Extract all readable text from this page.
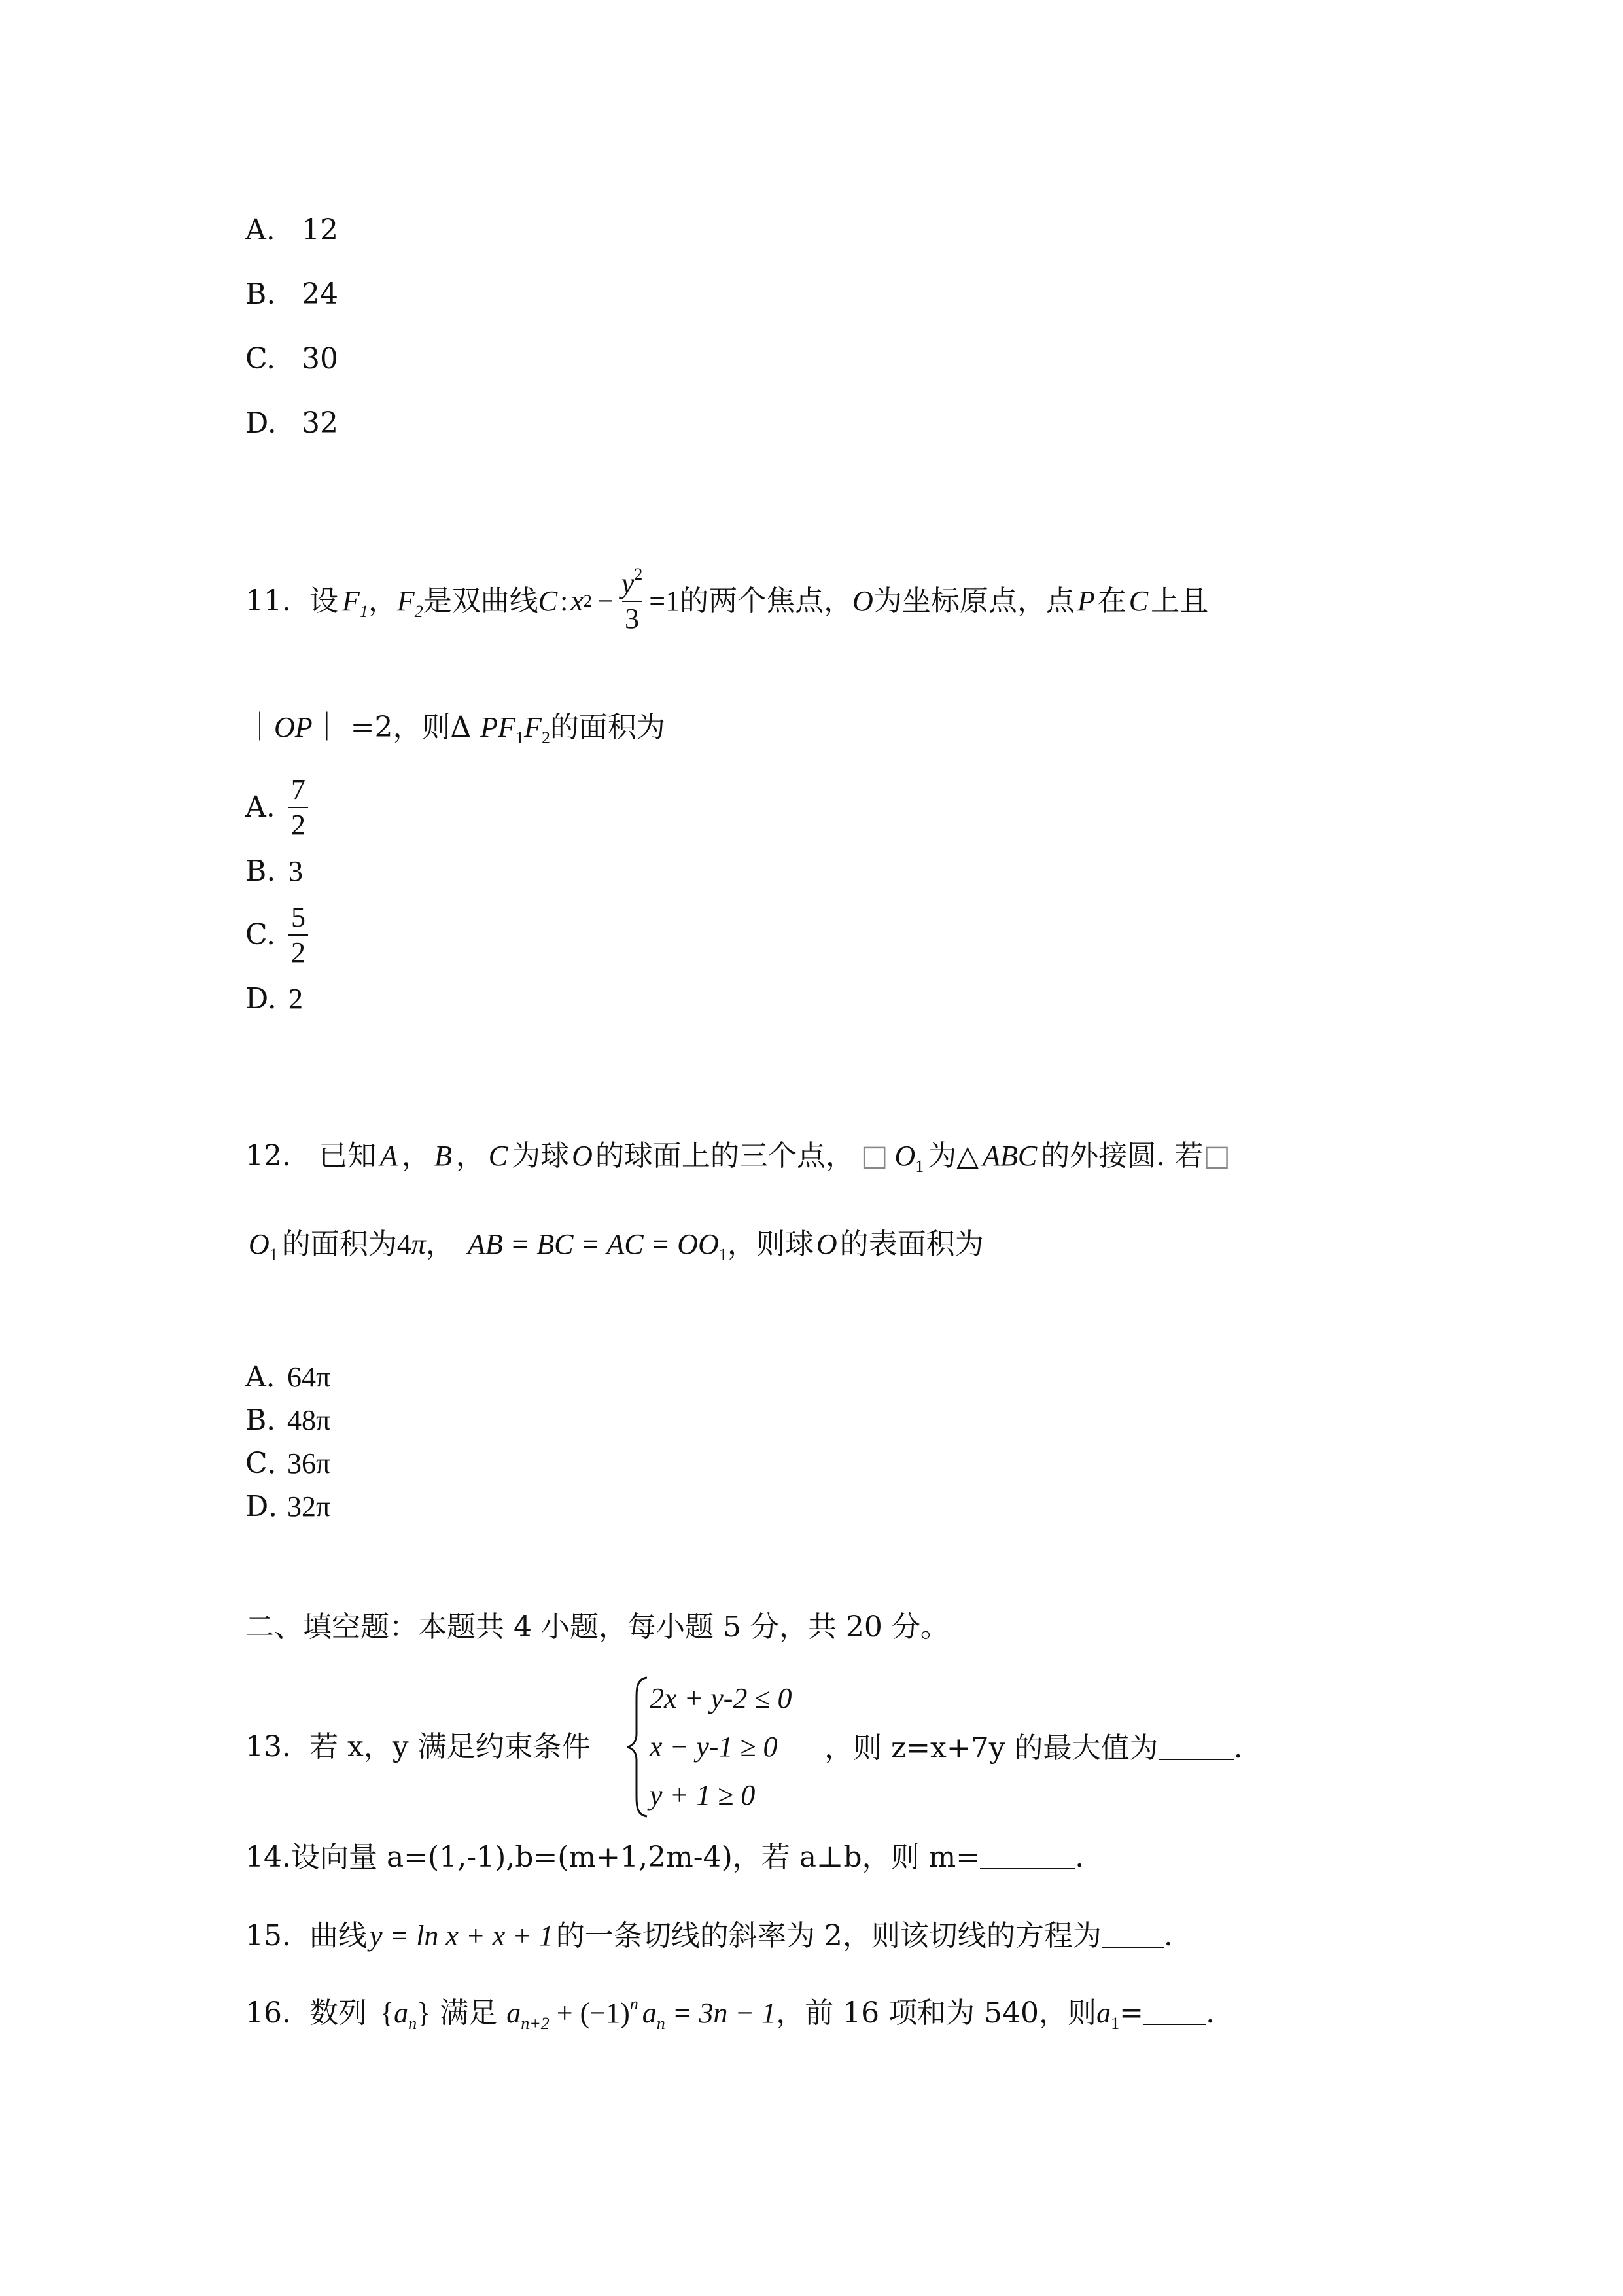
A. 12
B. 24
C. 30
D. 32
11. 设 $F_1$ ， $F_2$ 是双曲线 C : x $2 - \frac{y^2}{3} =1$ 的两个焦点， O 为坐标原点，点 P 在 C 上且
｜OP｜ =2，则Δ $PF_1F_2$的面积为
A. $\frac{7}{2}$
B. 3
C. $\frac{5}{2}$
D. 2
12. 已知 A ， B ， C 为球O的球面上的三个点， □ $O_1$ 为△ ABC 的外接圆. 若□
$O_1$ 的面积为4π， AB = BC = AC = $OO_1$，则球O的表面积为
A．64π
B．48π
C．36π
D．32π
二、填空题：本题共 4 小题，每小题 5 分，共 20 分。
13. 若 x，y 满足约束条件
2x + y-2 ≤ 0
x − y-1 ≥ 0
y + 1 ≥ 0
，则 z=x+7y 的最大值为	.
14.设向量 a=(1,-1),b=(m+1,2m-4)，若 a⊥b，则 m=	.
15. 曲线y = ln x + x + 1的一条切线的斜率为 2，则该切线的方程为 .
16. 数列 $\{a_n\}$ 满足 $a_{n+2} + (-1)^n$ $a_n = 3n - 1$，前 16 项和为 540，则$a_1=$ .
